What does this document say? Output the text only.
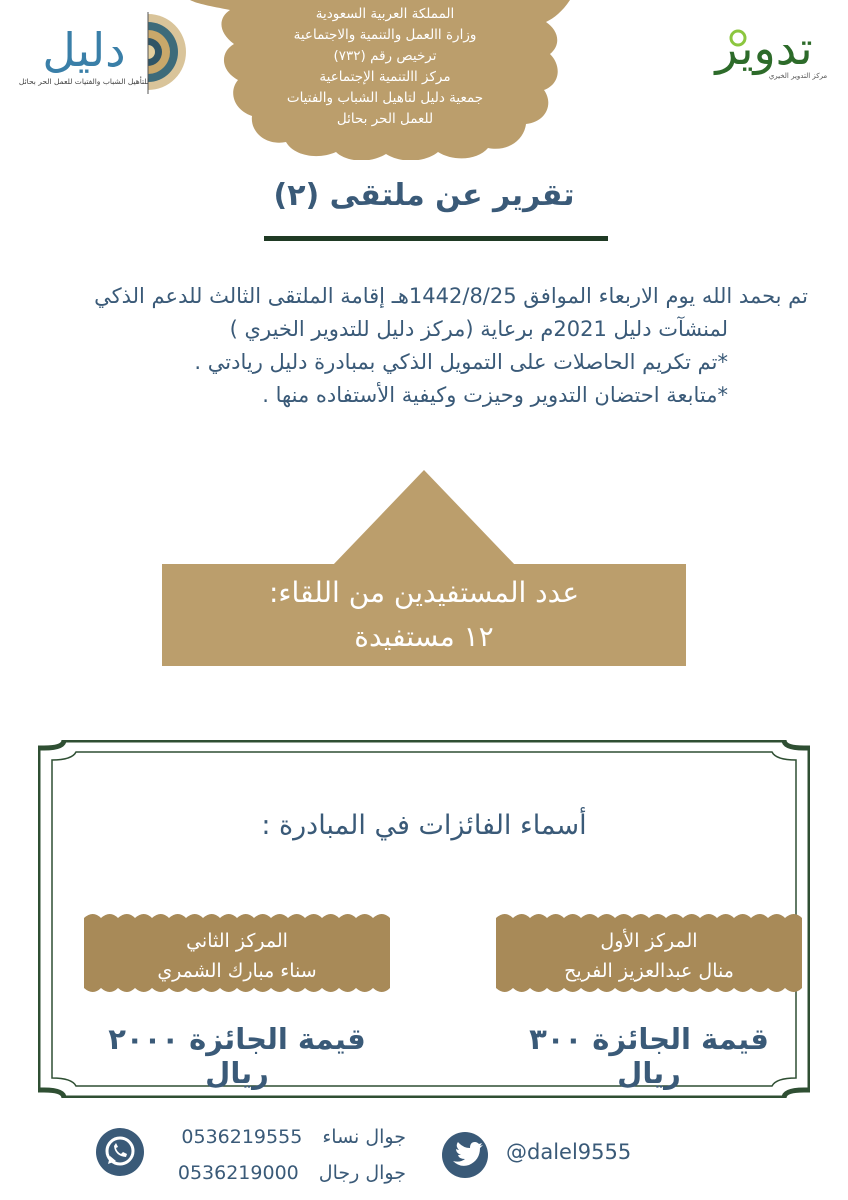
المملكة العربية السعودية
وزارة االعمل والتنمية والاجتماعية
ترخيص رقم (٧٣٢)
مركز االتنمية الإجتماعية
جمعية دليل لتاهيل الشباب والفتيات
للعمل الحر بحائل
دليل
للتأهيل الشباب والفتيات للعمل الحر بحائل
تدوير
مركز التدوير الخيري
تقرير عن ملتقى (٢)
تم بحمد الله يوم الاربعاء الموافق 1442/8/25هـ إقامة الملتقى الثالث للدعم الذكي
لمنشآت دليل 2021م برعاية (مركز دليل للتدوير الخيري )
*تم تكريم الحاصلات على التمويل الذكي بمبادرة دليل ريادتي .
*متابعة احتضان التدوير وحيزت وكيفية الأستفاده منها .
عدد المستفيدين من اللقاء:
١٢ مستفيدة
أسماء الفائزات في المبادرة :
المركز الأول
منال عبدالعزيز الفريح
المركز الثاني
سناء مبارك الشمري
قيمة الجائزة ٣٠٠ ريال
قيمة الجائزة ٢٠٠٠ ريال
جوال نساء 0536219555
جوال رجال 0536219000
@dalel9555
